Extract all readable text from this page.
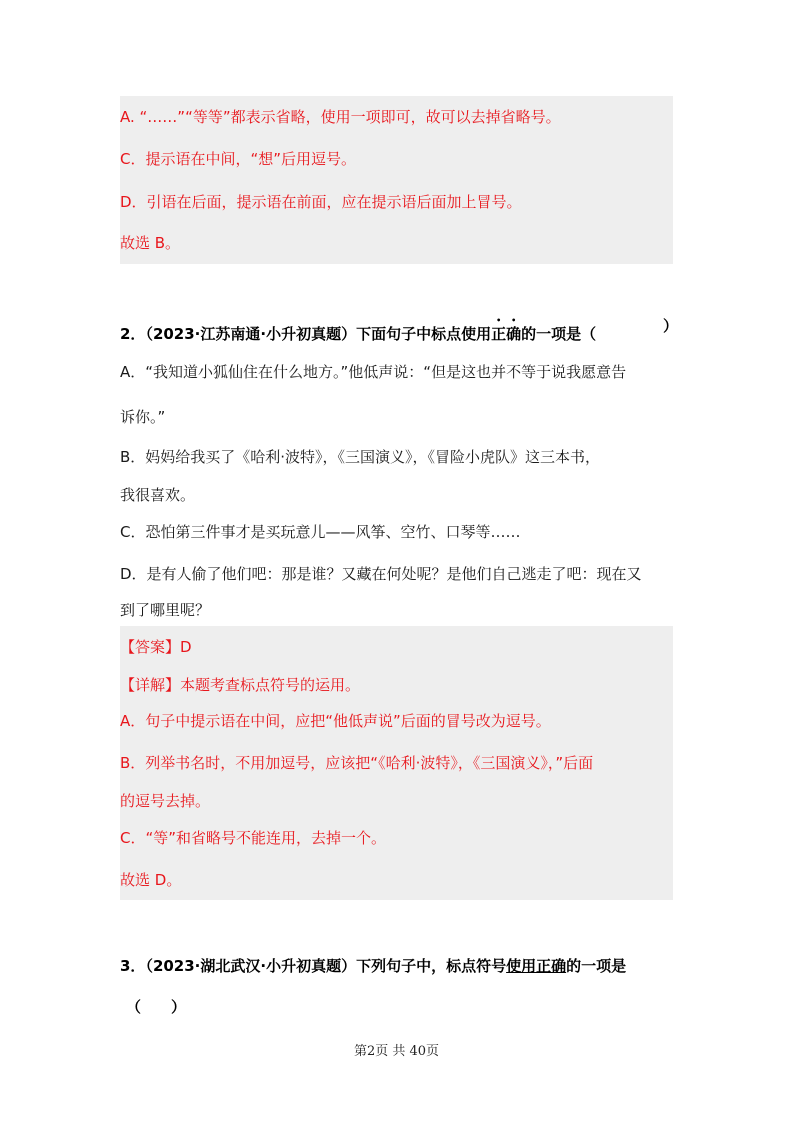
A. “……”“等等”都表示省略，使用一项即可，故可以去掉省略号。
C．提示语在中间，“想”后用逗号。
D．引语在后面，提示语在前面，应在提示语后面加上冒号。
故选 B。
2．（2023·江苏南通·小升初真题）下面句子中标点使用正确的一项是（	）
A．“我知道小狐仙住在什么地方。”他低声说：“但是这也并不等于说我愿意告
诉你。”
B．妈妈给我买了《哈利·波特》，《三国演义》，《冒险小虎队》这三本书，
我很喜欢。
C．恐怕第三件事才是买玩意儿——风筝、空竹、口琴等……
D．是有人偷了他们吧：那是谁？又藏在何处呢？是他们自己逃走了吧：现在又
到了哪里呢？
【答案】D
【详解】本题考查标点符号的运用。
A．句子中提示语在中间，应把“他低声说”后面的冒号改为逗号。
B．列举书名时，不用加逗号，应该把“《哈利·波特》，《三国演义》，”后面
的逗号去掉。
C．“等”和省略号不能连用，去掉一个。
故选 D。
3．（2023·湖北武汉·小升初真题）下列句子中，标点符号使用正确的一项是
（　　）
第2页 共 40页
